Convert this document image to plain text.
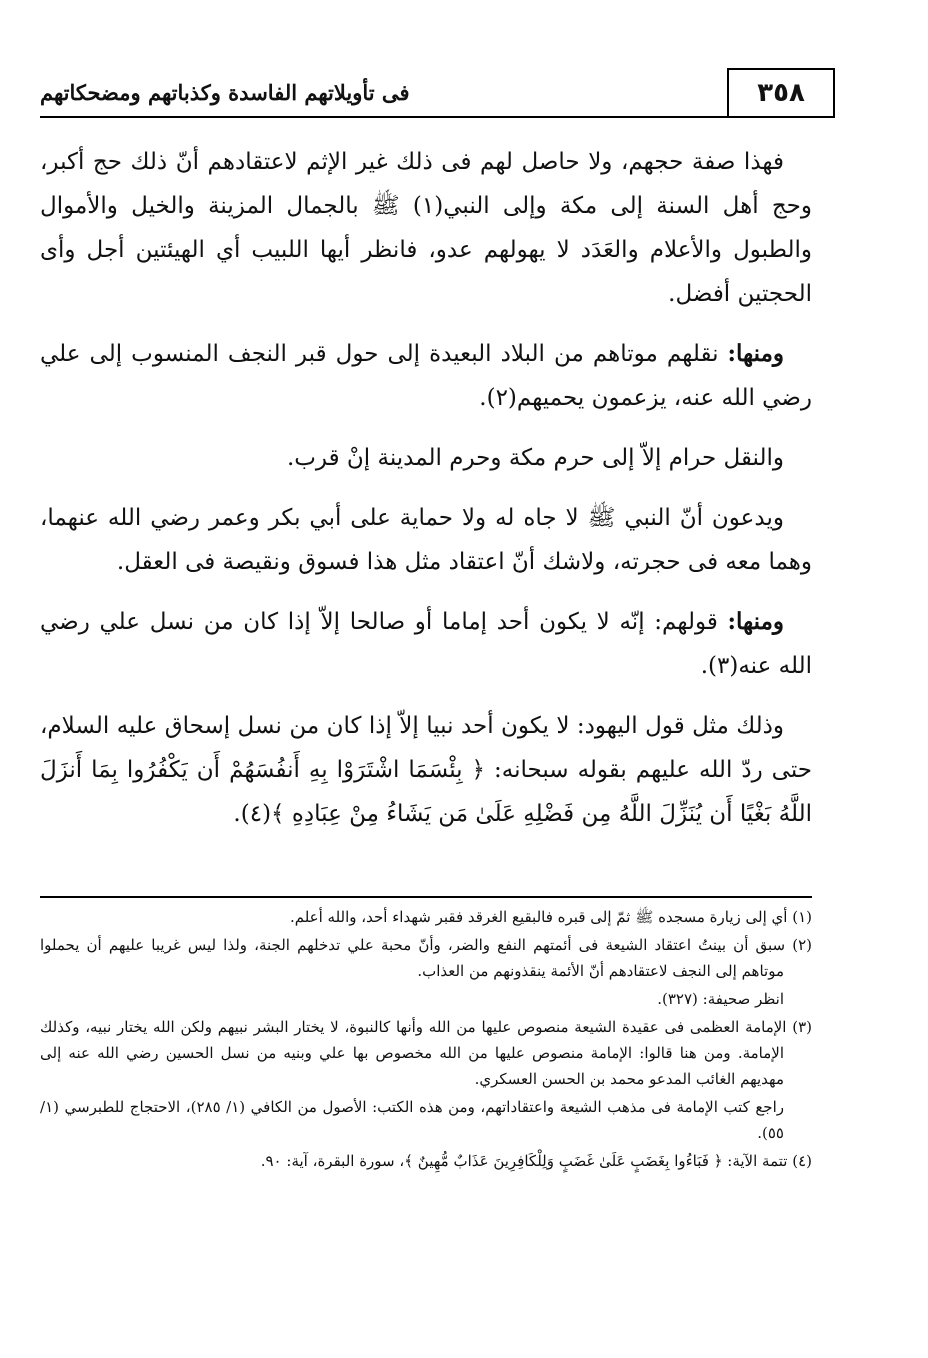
٣٥٨
فى تأويلاتهم الفاسدة وكذباتهم ومضحكاتهم

فهذا صفة حجهم، ولا حاصل لهم فى ذلك غير الإثم لاعتقادهم أنّ ذلك حج أكبر، وحج أهل السنة إلى مكة وإلى النبي(١) ﷺ بالجمال المزينة والخيل والأموال والطبول والأعلام والعَدَد لا يهولهم عدو، فانظر أيها اللبيب أي الهيئتين أجل وأى الحجتين أفضل.

ومنها: نقلهم موتاهم من البلاد البعيدة إلى حول قبر النجف المنسوب إلى علي رضي الله عنه، يزعمون يحميهم(٢).

والنقل حرام إلاّ إلى حرم مكة وحرم المدينة إنْ قرب.

ويدعون أنّ النبي ﷺ لا جاه له ولا حماية على أبي بكر وعمر رضي الله عنهما، وهما معه فى حجرته، ولاشك أنّ اعتقاد مثل هذا فسوق ونقيصة فى العقل.

ومنها: قولهم: إنّه لا يكون أحد إماما أو صالحا إلاّ إذا كان من نسل علي رضي الله عنه(٣).

وذلك مثل قول اليهود: لا يكون أحد نبيا إلاّ إذا كان من نسل إسحاق عليه السلام، حتى ردّ الله عليهم بقوله سبحانه: ﴿ بِئْسَمَا اشْتَرَوْا بِهِ أَنفُسَهُمْ أَن يَكْفُرُوا بِمَا أَنزَلَ اللَّهُ بَغْيًا أَن يُنَزِّلَ اللَّهُ مِن فَضْلِهِ عَلَىٰ مَن يَشَاءُ مِنْ عِبَادِهِ ﴾(٤).

(١) أي إلى زيارة مسجده ﷺ ثمّ إلى قبره فالبقيع الغرقد فقبر شهداء أحد، والله أعلم.

(٢) سبق أن بينتُ اعتقاد الشيعة فى أئمتهم النفع والضر، وأنّ محبة علي تدخلهم الجنة، ولذا ليس غريبا عليهم أن يحملوا موتاهم إلى النجف لاعتقادهم أنّ الأئمة ينقذونهم من العذاب.

انظر صحيفة: (٣٢٧).

(٣) الإمامة العظمى فى عقيدة الشيعة منصوص عليها من الله وأنها كالنبوة، لا يختار البشر نبيهم ولكن الله يختار نبيه، وكذلك الإمامة. ومن هنا قالوا: الإمامة منصوص عليها من الله مخصوص بها علي وبنيه من نسل الحسين رضي الله عنه إلى مهديهم الغائب المدعو محمد بن الحسن العسكري.

راجع كتب الإمامة فى مذهب الشيعة واعتقاداتهم، ومن هذه الكتب: الأصول من الكافي (١/ ٢٨٥)، الاحتجاج للطبرسي (١/ ٥٥).

(٤) تتمة الآية: ﴿ فَبَاءُوا بِغَضَبٍ عَلَىٰ غَضَبٍ وَلِلْكَافِرِينَ عَذَابٌ مُّهِينٌ ﴾، سورة البقرة، آية: ٩٠.
